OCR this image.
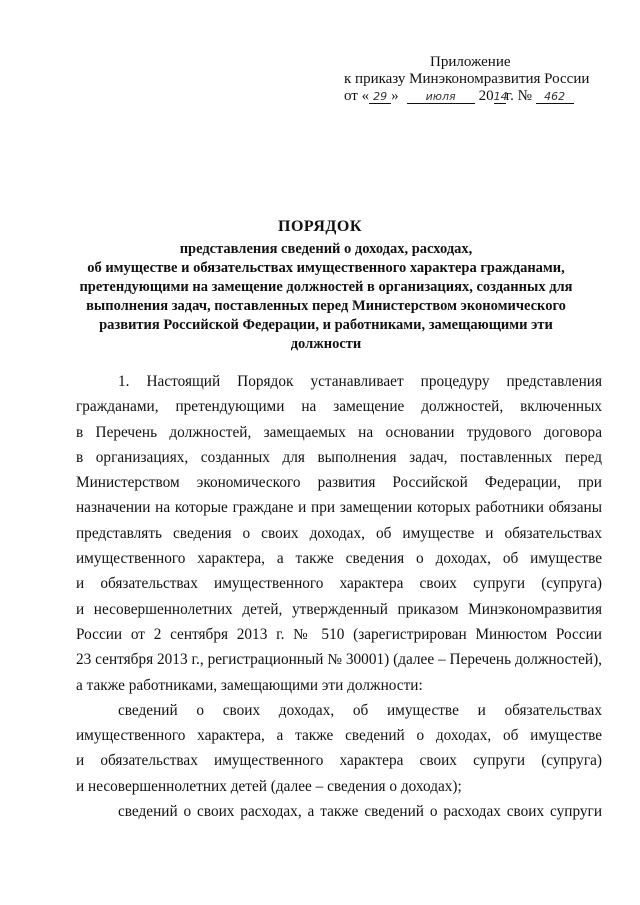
Приложение
к приказу Минэкономразвития России
от « 29 » июля 2014г. № 462
ПОРЯДОК
представления сведений о доходах, расходах,
об имуществе и обязательствах имущественного характера гражданами,
претендующими на замещение должностей в организациях, созданных для
выполнения задач, поставленных перед Министерством экономического
развития Российской Федерации, и работниками, замещающими эти
должности
1. Настоящий Порядок устанавливает процедуру представления
гражданами, претендующими на замещение должностей, включенных
в Перечень должностей, замещаемых на основании трудового договора
в организациях, созданных для выполнения задач, поставленных перед
Министерством экономического развития Российской Федерации, при
назначении на которые граждане и при замещении которых работники обязаны
представлять сведения о своих доходах, об имуществе и обязательствах
имущественного характера, а также сведения о доходах, об имуществе
и обязательствах имущественного характера своих супруги (супруга)
и несовершеннолетних детей, утвержденный приказом Минэкономразвития
России от 2 сентября 2013 г. № 510 (зарегистрирован Минюстом России
23 сентября 2013 г., регистрационный № 30001) (далее – Перечень должностей),
а также работниками, замещающими эти должности:
сведений о своих доходах, об имуществе и обязательствах
имущественного характера, а также сведений о доходах, об имуществе
и обязательствах имущественного характера своих супруги (супруга)
и несовершеннолетних детей (далее – сведения о доходах);
сведений о своих расходах, а также сведений о расходах своих супруги
